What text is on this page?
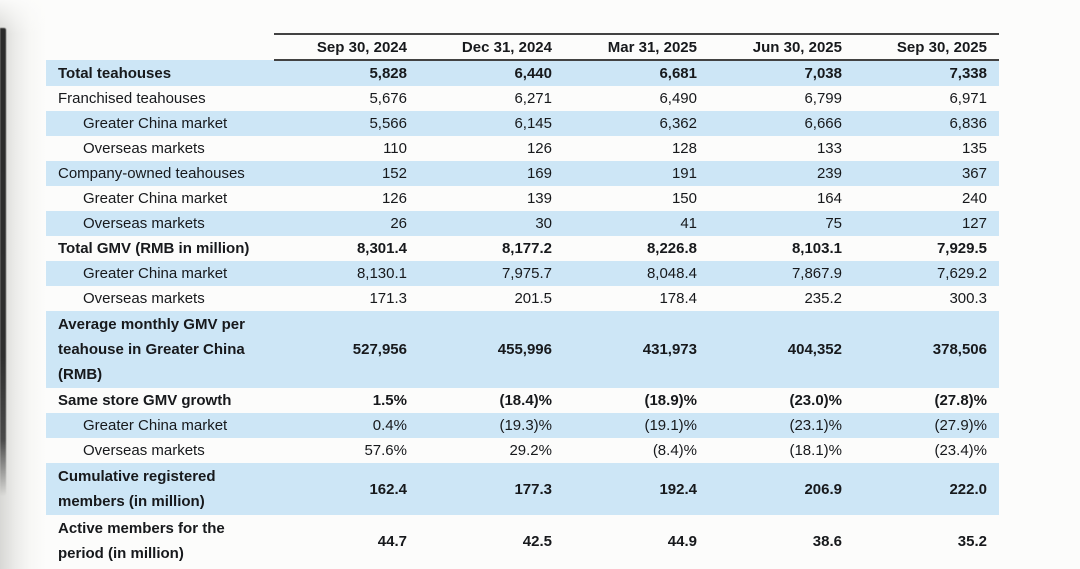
	Sep 30, 2024	Dec 31, 2024	Mar 31, 2025	Jun 30, 2025	Sep 30, 2025
Total teahouses	5,828	6,440	6,681	7,038	7,338
Franchised teahouses	5,676	6,271	6,490	6,799	6,971
Greater China market	5,566	6,145	6,362	6,666	6,836
Overseas markets	110	126	128	133	135
Company-owned teahouses	152	169	191	239	367
Greater China market	126	139	150	164	240
Overseas markets	26	30	41	75	127
Total GMV (RMB in million)	8,301.4	8,177.2	8,226.8	8,103.1	7,929.5
Greater China market	8,130.1	7,975.7	8,048.4	7,867.9	7,629.2
Overseas markets	171.3	201.5	178.4	235.2	300.3
Average monthly GMV per teahouse in Greater China (RMB)	527,956	455,996	431,973	404,352	378,506
Same store GMV growth	1.5%	(18.4)%	(18.9)%	(23.0)%	(27.8)%
Greater China market	0.4%	(19.3)%	(19.1)%	(23.1)%	(27.9)%
Overseas markets	57.6%	29.2%	(8.4)%	(18.1)%	(23.4)%
Cumulative registered members (in million)	162.4	177.3	192.4	206.9	222.0
Active members for the period (in million)	44.7	42.5	44.9	38.6	35.2
